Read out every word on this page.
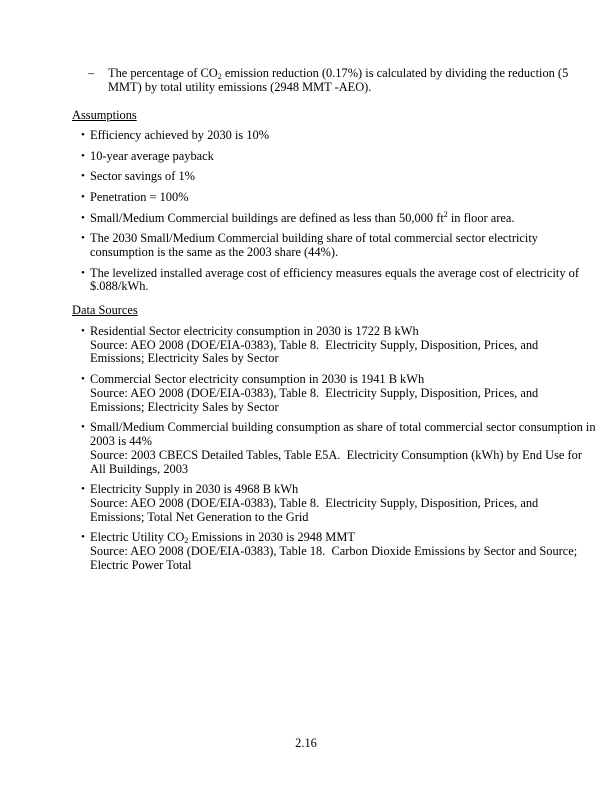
–	The percentage of $CO_2$ emission reduction (0.17%) is calculated by dividing the reduction (5
MMT) by total utility emissions (2948 MMT -AEO).
Assumptions
• Efficiency achieved by 2030 is 10%
• 10-year average payback
• Sector savings of 1%
• Penetration = 100%
• Small/Medium Commercial buildings are defined as less than 50,000 $ft^2$ in floor area.
• The 2030 Small/Medium Commercial building share of total commercial sector electricity
consumption is the same as the 2003 share (44%).
• The levelized installed average cost of efficiency measures equals the average cost of electricity of
$.088/kWh.
Data Sources
• Residential Sector electricity consumption in 2030 is 1722 B kWh
Source: AEO 2008 (DOE/EIA-0383), Table 8.  Electricity Supply, Disposition, Prices, and
Emissions; Electricity Sales by Sector
• Commercial Sector electricity consumption in 2030 is 1941 B kWh
Source: AEO 2008 (DOE/EIA-0383), Table 8.  Electricity Supply, Disposition, Prices, and
Emissions; Electricity Sales by Sector
• Small/Medium Commercial building consumption as share of total commercial sector consumption in
2003 is 44%
Source: 2003 CBECS Detailed Tables, Table E5A.  Electricity Consumption (kWh) by End Use for
All Buildings, 2003
• Electricity Supply in 2030 is 4968 B kWh
Source: AEO 2008 (DOE/EIA-0383), Table 8.  Electricity Supply, Disposition, Prices, and
Emissions; Total Net Generation to the Grid
• Electric Utility $CO_2$ Emissions in 2030 is 2948 MMT
Source: AEO 2008 (DOE/EIA-0383), Table 18.  Carbon Dioxide Emissions by Sector and Source;
Electric Power Total
2.16
